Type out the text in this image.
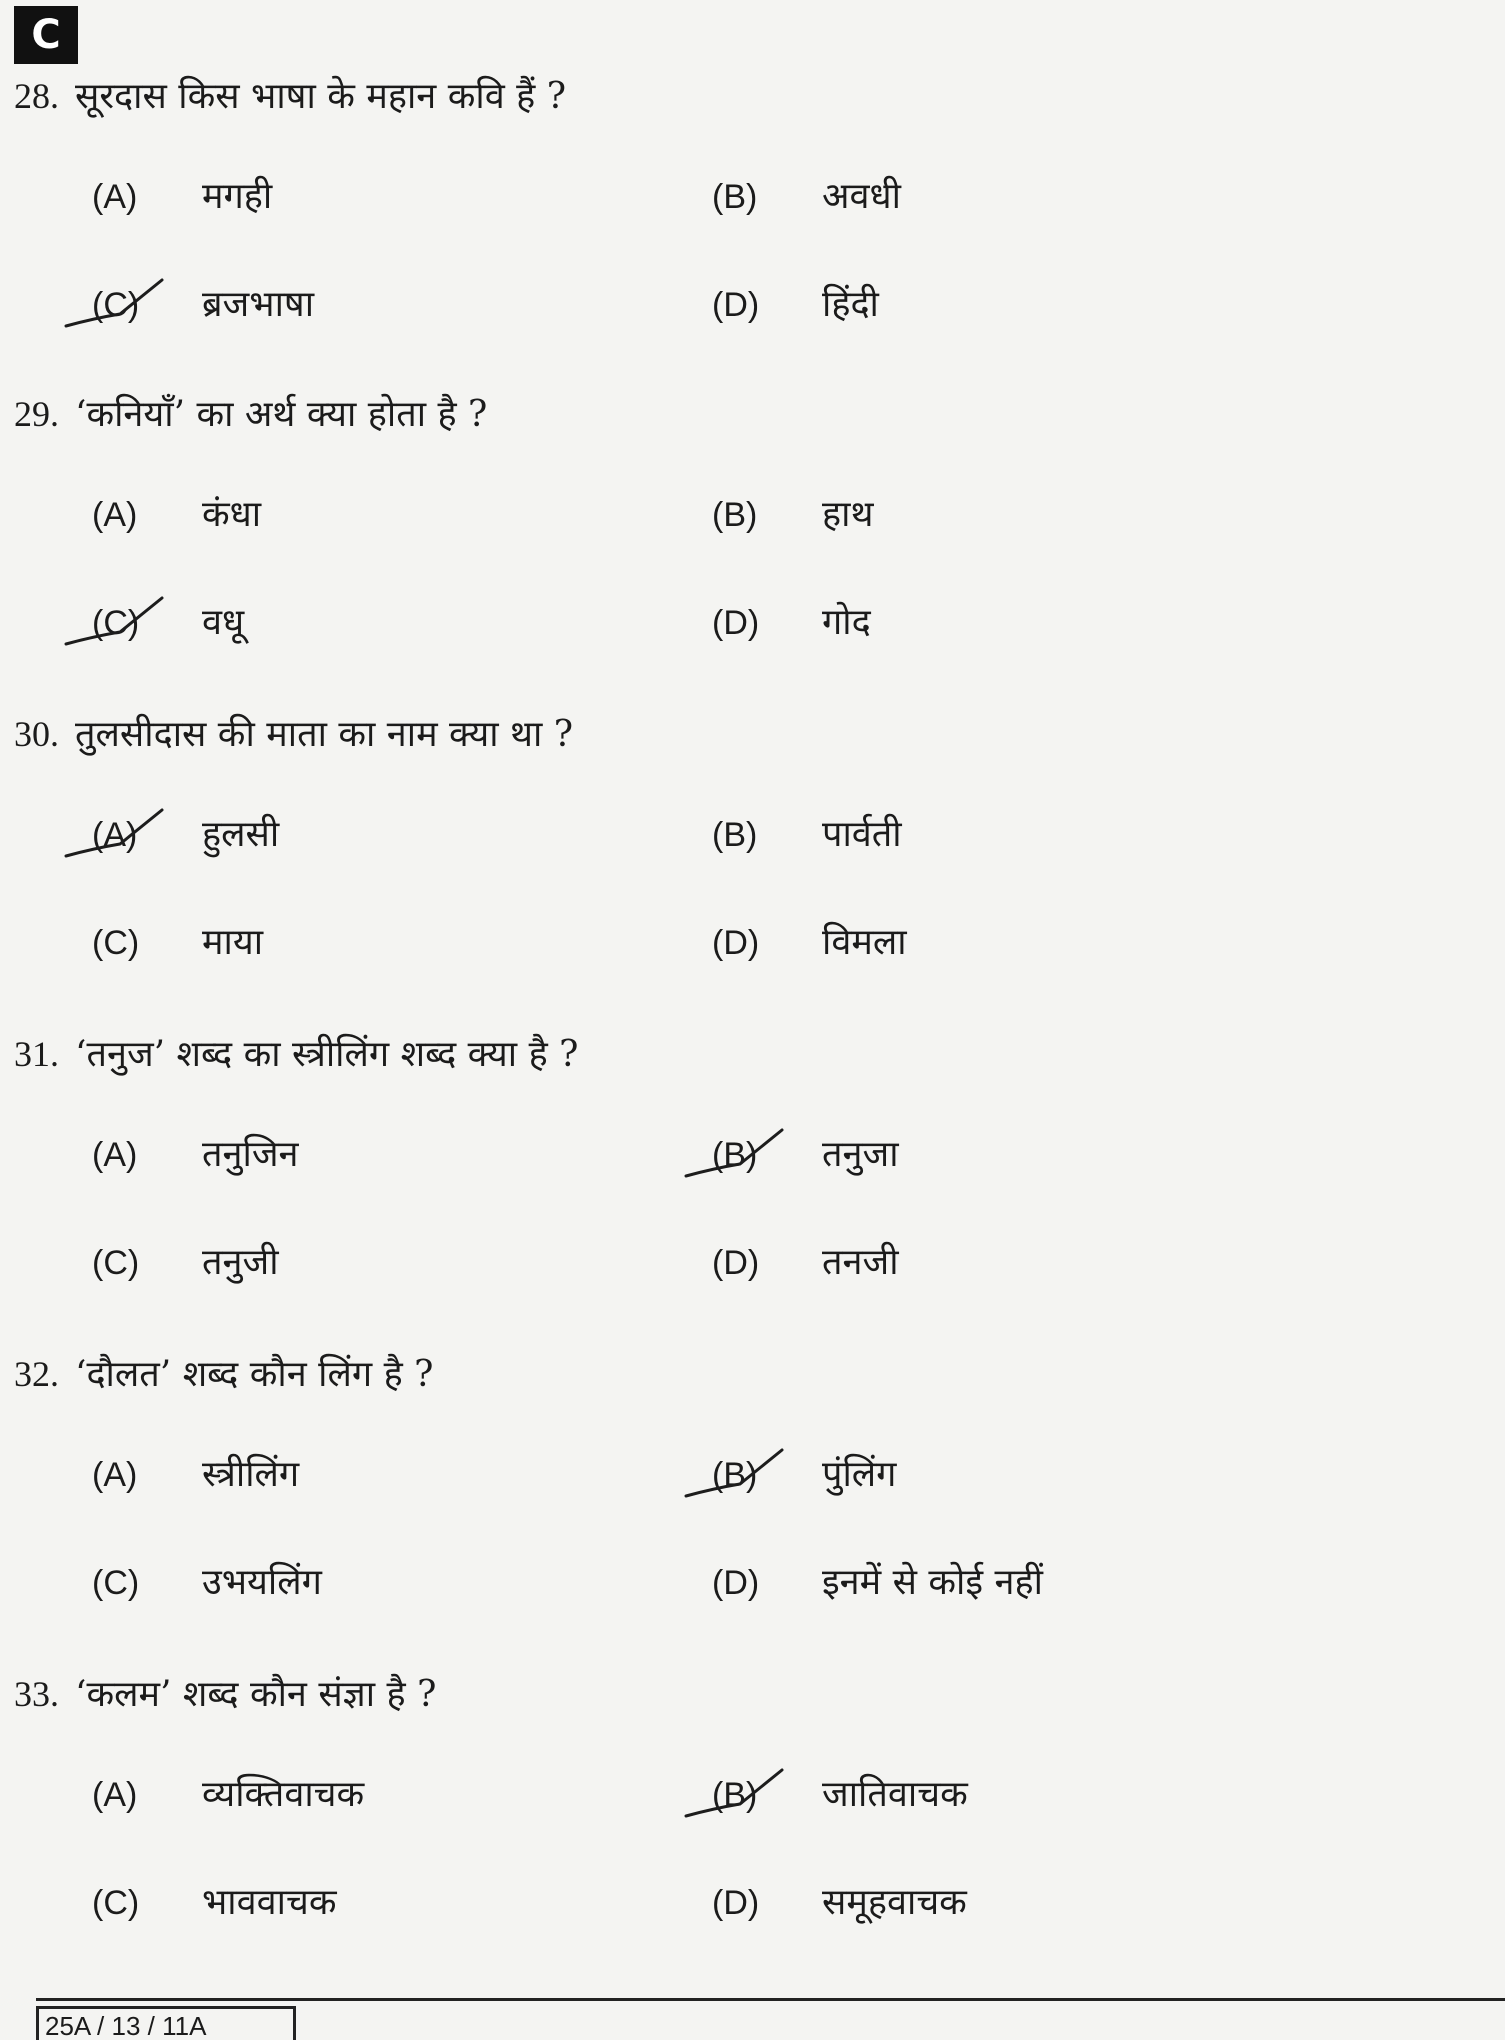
C
28. सूरदास किस भाषा के महान कवि हैं ?
(A) मगही	(B) अवधी
(C) ब्रजभाषा	(D) हिंदी
29. ‘कनियाँ’ का अर्थ क्या होता है ?
(A) कंधा	(B) हाथ
(C) वधू	(D) गोद
30. तुलसीदास की माता का नाम क्या था ?
(A) हुलसी	(B) पार्वती
(C) माया	(D) विमला
31. ‘तनुज’ शब्द का स्त्रीलिंग शब्द क्या है ?
(A) तनुजिन	(B) तनुजा
(C) तनुजी	(D) तनजी
32. ‘दौलत’ शब्द कौन लिंग है ?
(A) स्त्रीलिंग	(B) पुंलिंग
(C) उभयलिंग	(D) इनमें से कोई नहीं
33. ‘कलम’ शब्द कौन संज्ञा है ?
(A) व्यक्तिवाचक	(B) जातिवाचक
(C) भाववाचक	(D) समूहवाचक
25A / 13 / 11A
